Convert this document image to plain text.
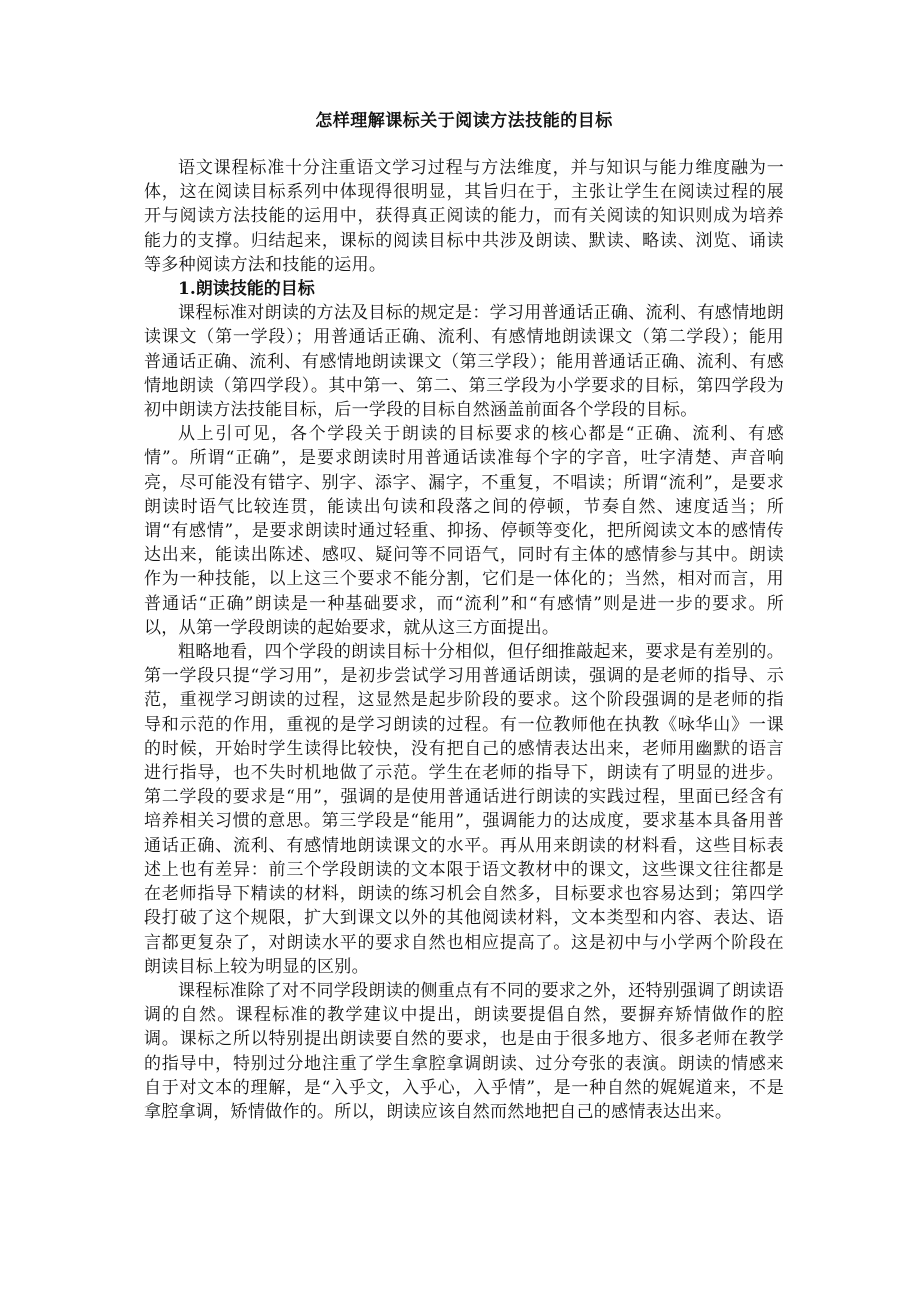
怎样理解课标关于阅读方法技能的目标

语文课程标准十分注重语文学习过程与方法维度，并与知识与能力维度融为一体，这在阅读目标系列中体现得很明显，其旨归在于，主张让学生在阅读过程的展开与阅读方法技能的运用中，获得真正阅读的能力，而有关阅读的知识则成为培养能力的支撑。归结起来，课标的阅读目标中共涉及朗读、默读、略读、浏览、诵读等多种阅读方法和技能的运用。

1.朗读技能的目标

课程标准对朗读的方法及目标的规定是：学习用普通话正确、流利、有感情地朗读课文（第一学段）；用普通话正确、流利、有感情地朗读课文（第二学段）；能用普通话正确、流利、有感情地朗读课文（第三学段）；能用普通话正确、流利、有感情地朗读（第四学段）。其中第一、第二、第三学段为小学要求的目标，第四学段为初中朗读方法技能目标，后一学段的目标自然涵盖前面各个学段的目标。

从上引可见，各个学段关于朗读的目标要求的核心都是“正确、流利、有感情”。所谓“正确”，是要求朗读时用普通话读准每个字的字音，吐字清楚、声音响亮，尽可能没有错字、别字、添字、漏字，不重复，不唱读；所谓“流利”，是要求朗读时语气比较连贯，能读出句读和段落之间的停顿，节奏自然、速度适当；所谓“有感情”，是要求朗读时通过轻重、抑扬、停顿等变化，把所阅读文本的感情传达出来，能读出陈述、感叹、疑问等不同语气，同时有主体的感情参与其中。朗读作为一种技能，以上这三个要求不能分割，它们是一体化的；当然，相对而言，用普通话“正确”朗读是一种基础要求，而“流利”和“有感情”则是进一步的要求。所以，从第一学段朗读的起始要求，就从这三方面提出。

粗略地看，四个学段的朗读目标十分相似，但仔细推敲起来，要求是有差别的。第一学段只提“学习用”，是初步尝试学习用普通话朗读，强调的是老师的指导、示范，重视学习朗读的过程，这显然是起步阶段的要求。这个阶段强调的是老师的指导和示范的作用，重视的是学习朗读的过程。有一位教师他在执教《咏华山》一课的时候，开始时学生读得比较快，没有把自己的感情表达出来，老师用幽默的语言进行指导，也不失时机地做了示范。学生在老师的指导下，朗读有了明显的进步。第二学段的要求是“用”，强调的是使用普通话进行朗读的实践过程，里面已经含有培养相关习惯的意思。第三学段是“能用”，强调能力的达成度，要求基本具备用普通话正确、流利、有感情地朗读课文的水平。再从用来朗读的材料看，这些目标表述上也有差异：前三个学段朗读的文本限于语文教材中的课文，这些课文往往都是在老师指导下精读的材料，朗读的练习机会自然多，目标要求也容易达到；第四学段打破了这个规限，扩大到课文以外的其他阅读材料，文本类型和内容、表达、语言都更复杂了，对朗读水平的要求自然也相应提高了。这是初中与小学两个阶段在朗读目标上较为明显的区别。

课程标准除了对不同学段朗读的侧重点有不同的要求之外，还特别强调了朗读语调的自然。课程标准的教学建议中提出，朗读要提倡自然，要摒弃矫情做作的腔调。课标之所以特别提出朗读要自然的要求，也是由于很多地方、很多老师在教学的指导中，特别过分地注重了学生拿腔拿调朗读、过分夸张的表演。朗读的情感来自于对文本的理解，是“入乎文，入乎心，入乎情”，是一种自然的娓娓道来，不是拿腔拿调，矫情做作的。所以，朗读应该自然而然地把自己的感情表达出来。
